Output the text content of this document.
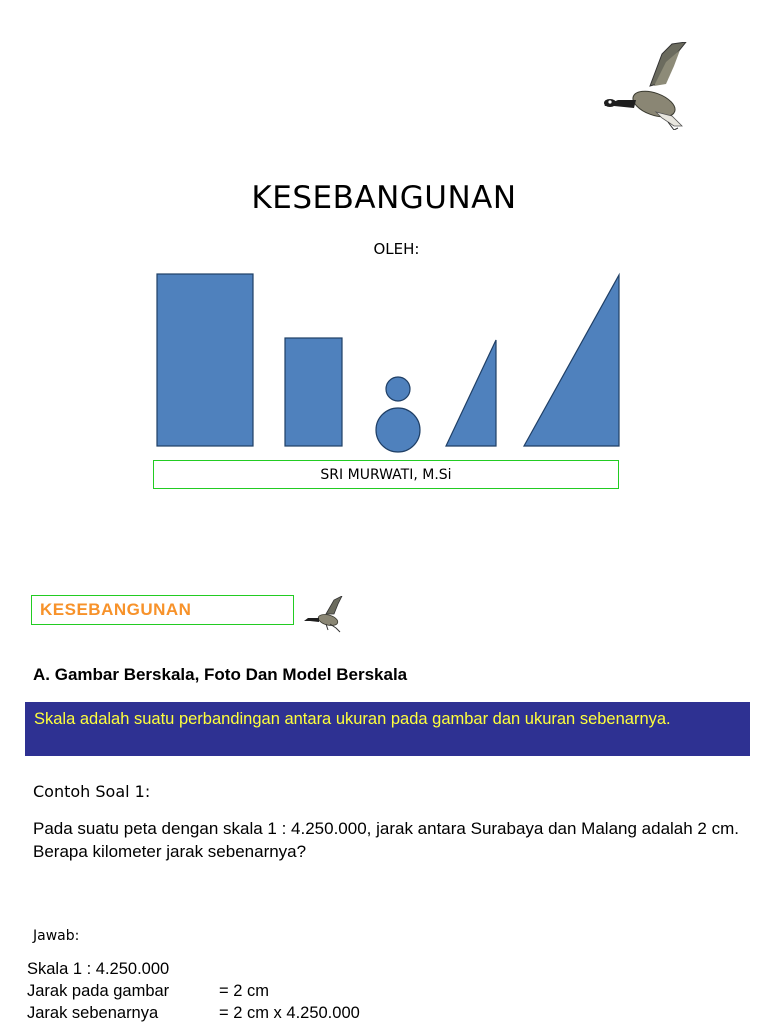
KESEBANGUNAN
OLEH:
SRI MURWATI, M.Si
KESEBANGUNAN
A. Gambar Berskala, Foto Dan Model Berskala
Skala adalah suatu perbandingan antara ukuran pada gambar dan ukuran sebenarnya.
Contoh Soal 1:
Pada suatu peta dengan skala 1 : 4.250.000, jarak antara Surabaya dan Malang adalah 2 cm. Berapa kilometer jarak sebenarnya?
Jawab:
Skala 1 : 4.250.000
Jarak pada gambar	= 2 cm
Jarak sebenarnya	= 2 cm x 4.250.000
